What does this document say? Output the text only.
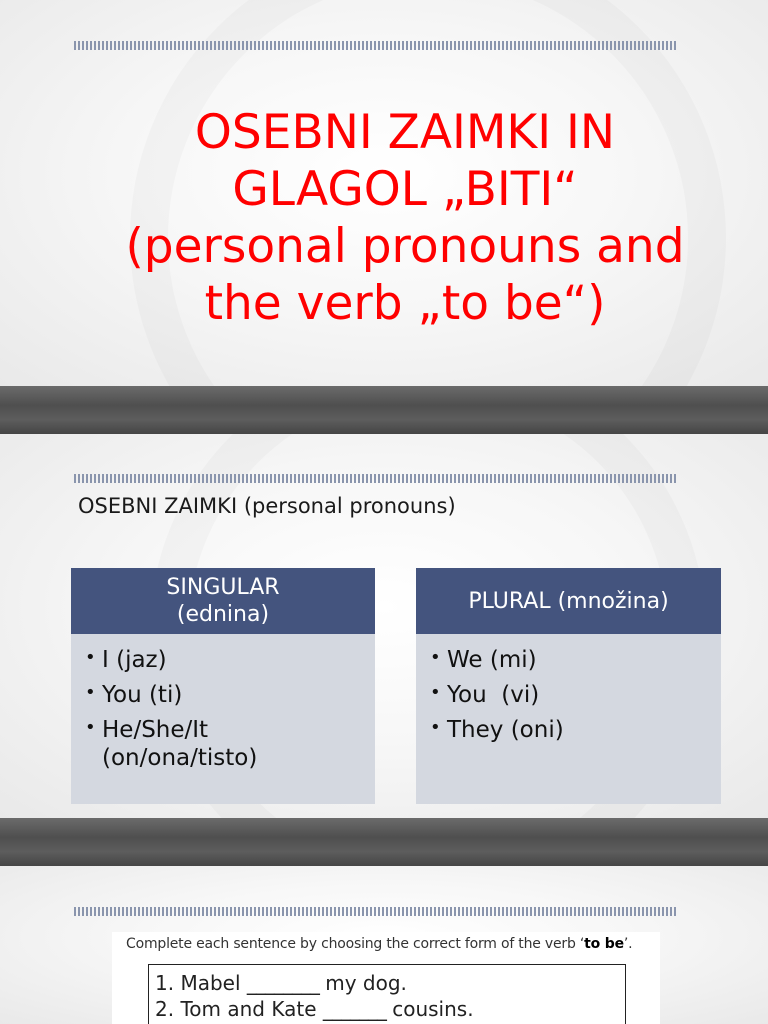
OSEBNI ZAIMKI IN
GLAGOL „BITI“
(personal pronouns and
the verb „to be“)
OSEBNI ZAIMKI (personal pronouns)
SINGULAR
(ednina)
• I (jaz)
• You (ti)
• He/She/It (on/ona/tisto)
PLURAL (množina)
• We (mi)
• You  (vi)
• They (oni)

Complete each sentence by choosing the correct form of the verb ‘to be’.

1. Mabel ________ my dog.
2. Tom and Kate _______ cousins.
